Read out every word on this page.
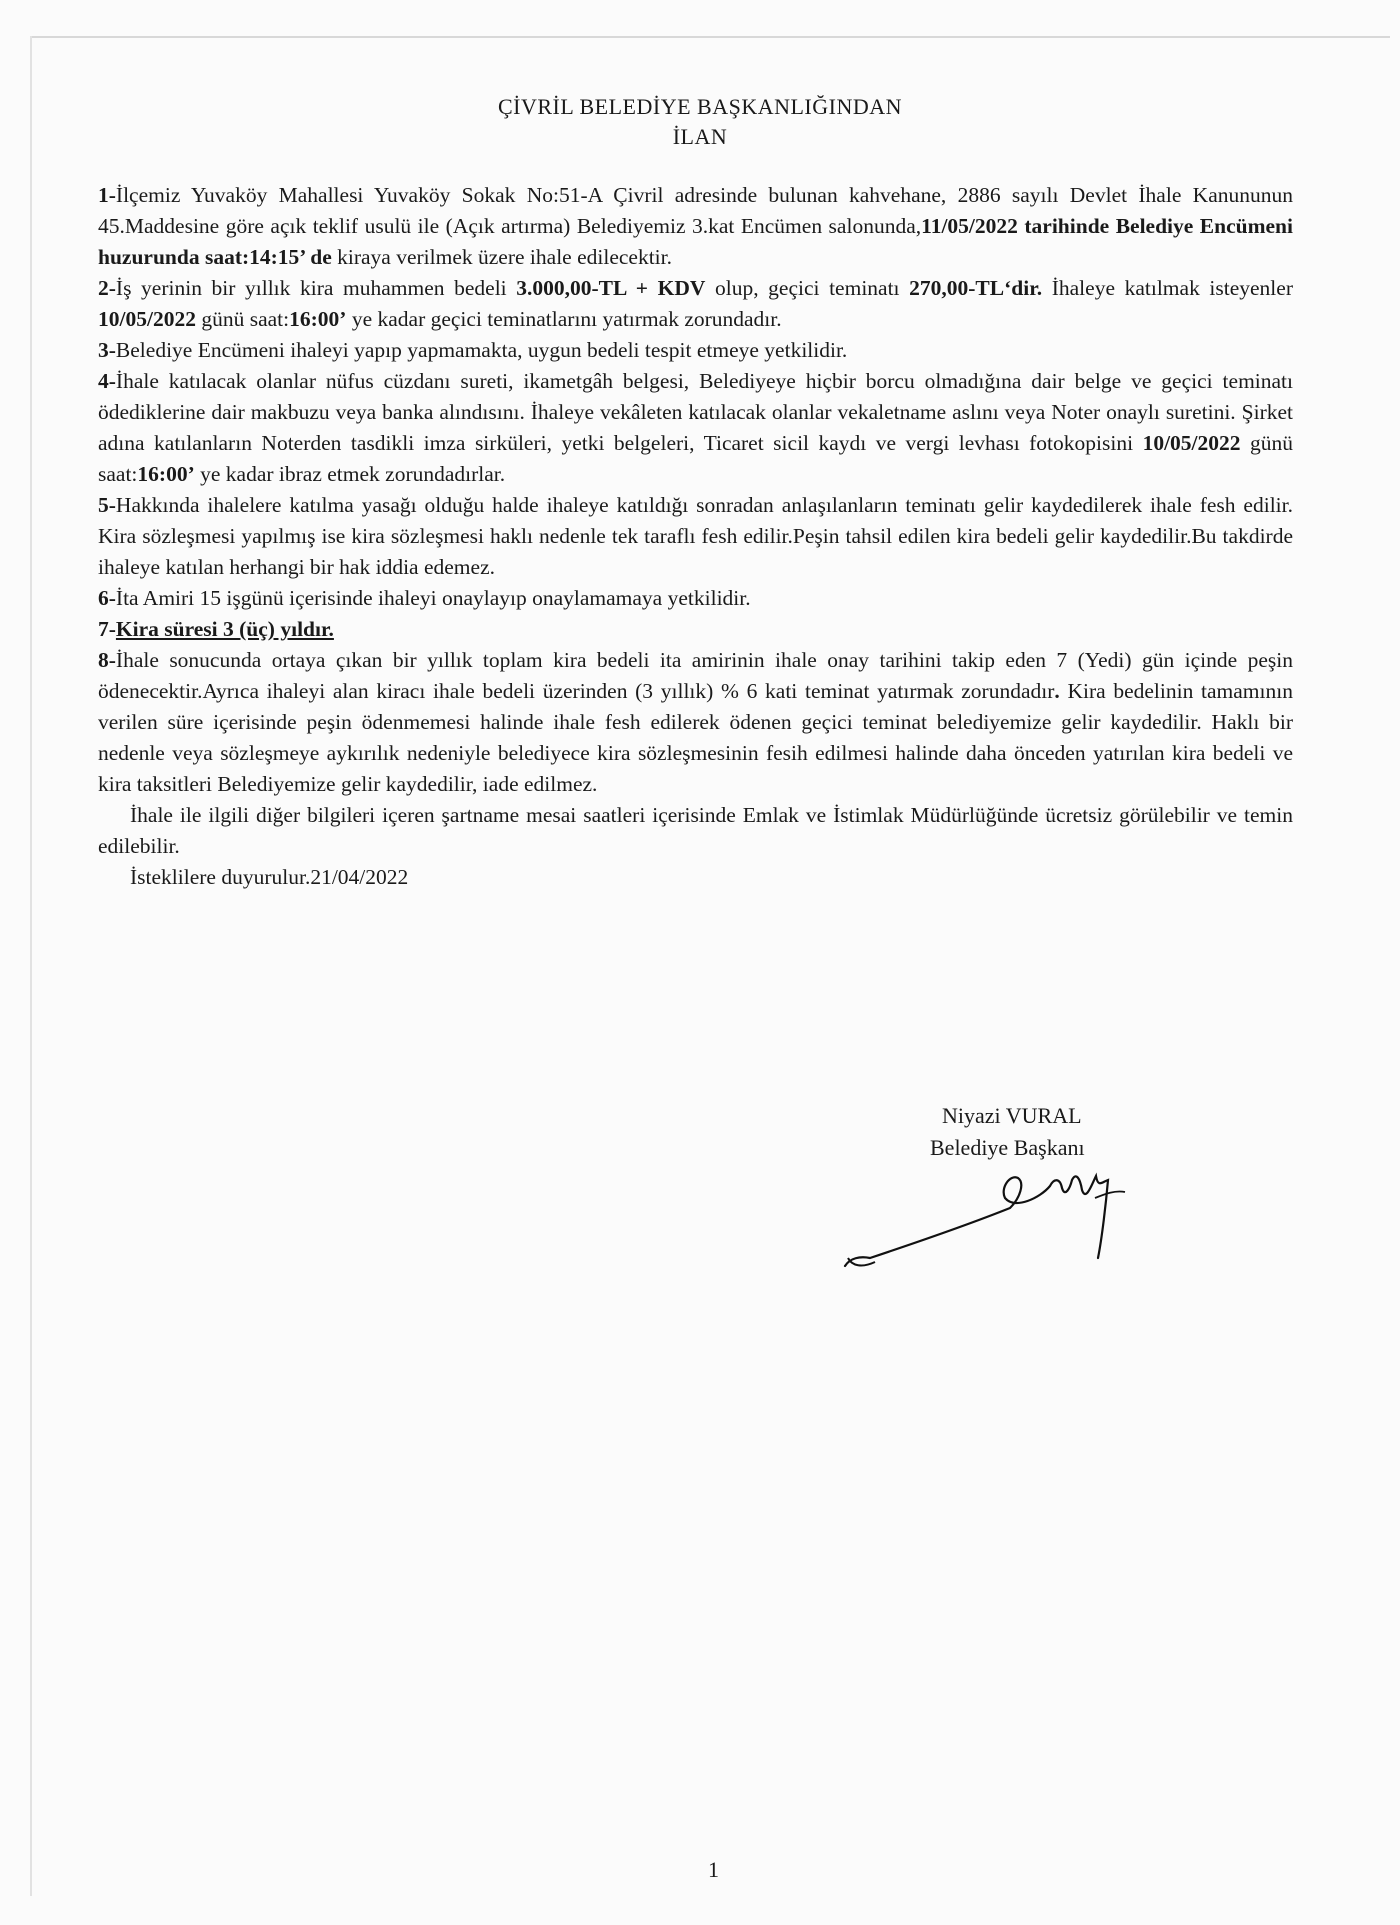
ÇİVRİL BELEDİYE BAŞKANLIĞINDAN
İLAN

1-İlçemiz Yuvaköy Mahallesi Yuvaköy Sokak No:51-A Çivril adresinde bulunan kahvehane, 2886 sayılı Devlet İhale Kanununun 45.Maddesine göre açık teklif usulü ile (Açık artırma) Belediyemiz 3.kat Encümen salonunda,11/05/2022 tarihinde Belediye Encümeni huzurunda saat:14:15’ de kiraya verilmek üzere ihale edilecektir.

2-İş yerinin bir yıllık kira muhammen bedeli 3.000,00-TL + KDV olup, geçici teminatı 270,00-TL‘dir. İhaleye katılmak isteyenler 10/05/2022 günü saat:16:00’ ye kadar geçici teminatlarını yatırmak zorundadır.

3-Belediye Encümeni ihaleyi yapıp yapmamakta, uygun bedeli tespit etmeye yetkilidir.

4-İhale katılacak olanlar nüfus cüzdanı sureti, ikametgâh belgesi, Belediyeye hiçbir borcu olmadığına dair belge ve geçici teminatı ödediklerine dair makbuzu veya banka alındısını. İhaleye vekâleten katılacak olanlar vekaletname aslını veya Noter onaylı suretini. Şirket adına katılanların Noterden tasdikli imza sirküleri, yetki belgeleri, Ticaret sicil kaydı ve vergi levhası fotokopisini 10/05/2022 günü saat:16:00’ ye kadar ibraz etmek zorundadırlar.

5-Hakkında ihalelere katılma yasağı olduğu halde ihaleye katıldığı sonradan anlaşılanların teminatı gelir kaydedilerek ihale fesh edilir. Kira sözleşmesi yapılmış ise kira sözleşmesi haklı nedenle tek taraflı fesh edilir.Peşin tahsil edilen kira bedeli gelir kaydedilir.Bu takdirde ihaleye katılan herhangi bir hak iddia edemez.

6-İta Amiri 15 işgünü içerisinde ihaleyi onaylayıp onaylamamaya yetkilidir.

7-Kira süresi 3 (üç) yıldır.

8-İhale sonucunda ortaya çıkan bir yıllık toplam kira bedeli ita amirinin ihale onay tarihini takip eden 7 (Yedi) gün içinde peşin ödenecektir.Ayrıca ihaleyi alan kiracı ihale bedeli üzerinden (3 yıllık) % 6 kati teminat yatırmak zorundadır. Kira bedelinin tamamının verilen süre içerisinde peşin ödenmemesi halinde ihale fesh edilerek ödenen geçici teminat belediyemize gelir kaydedilir. Haklı bir nedenle veya sözleşmeye aykırılık nedeniyle belediyece kira sözleşmesinin fesih edilmesi halinde daha önceden yatırılan kira bedeli ve kira taksitleri Belediyemize gelir kaydedilir, iade edilmez.

İhale ile ilgili diğer bilgileri içeren şartname mesai saatleri içerisinde Emlak ve İstimlak Müdürlüğünde ücretsiz görülebilir ve temin edilebilir.

İsteklilere duyurulur.21/04/2022

Niyazi VURAL
Belediye Başkanı
1
